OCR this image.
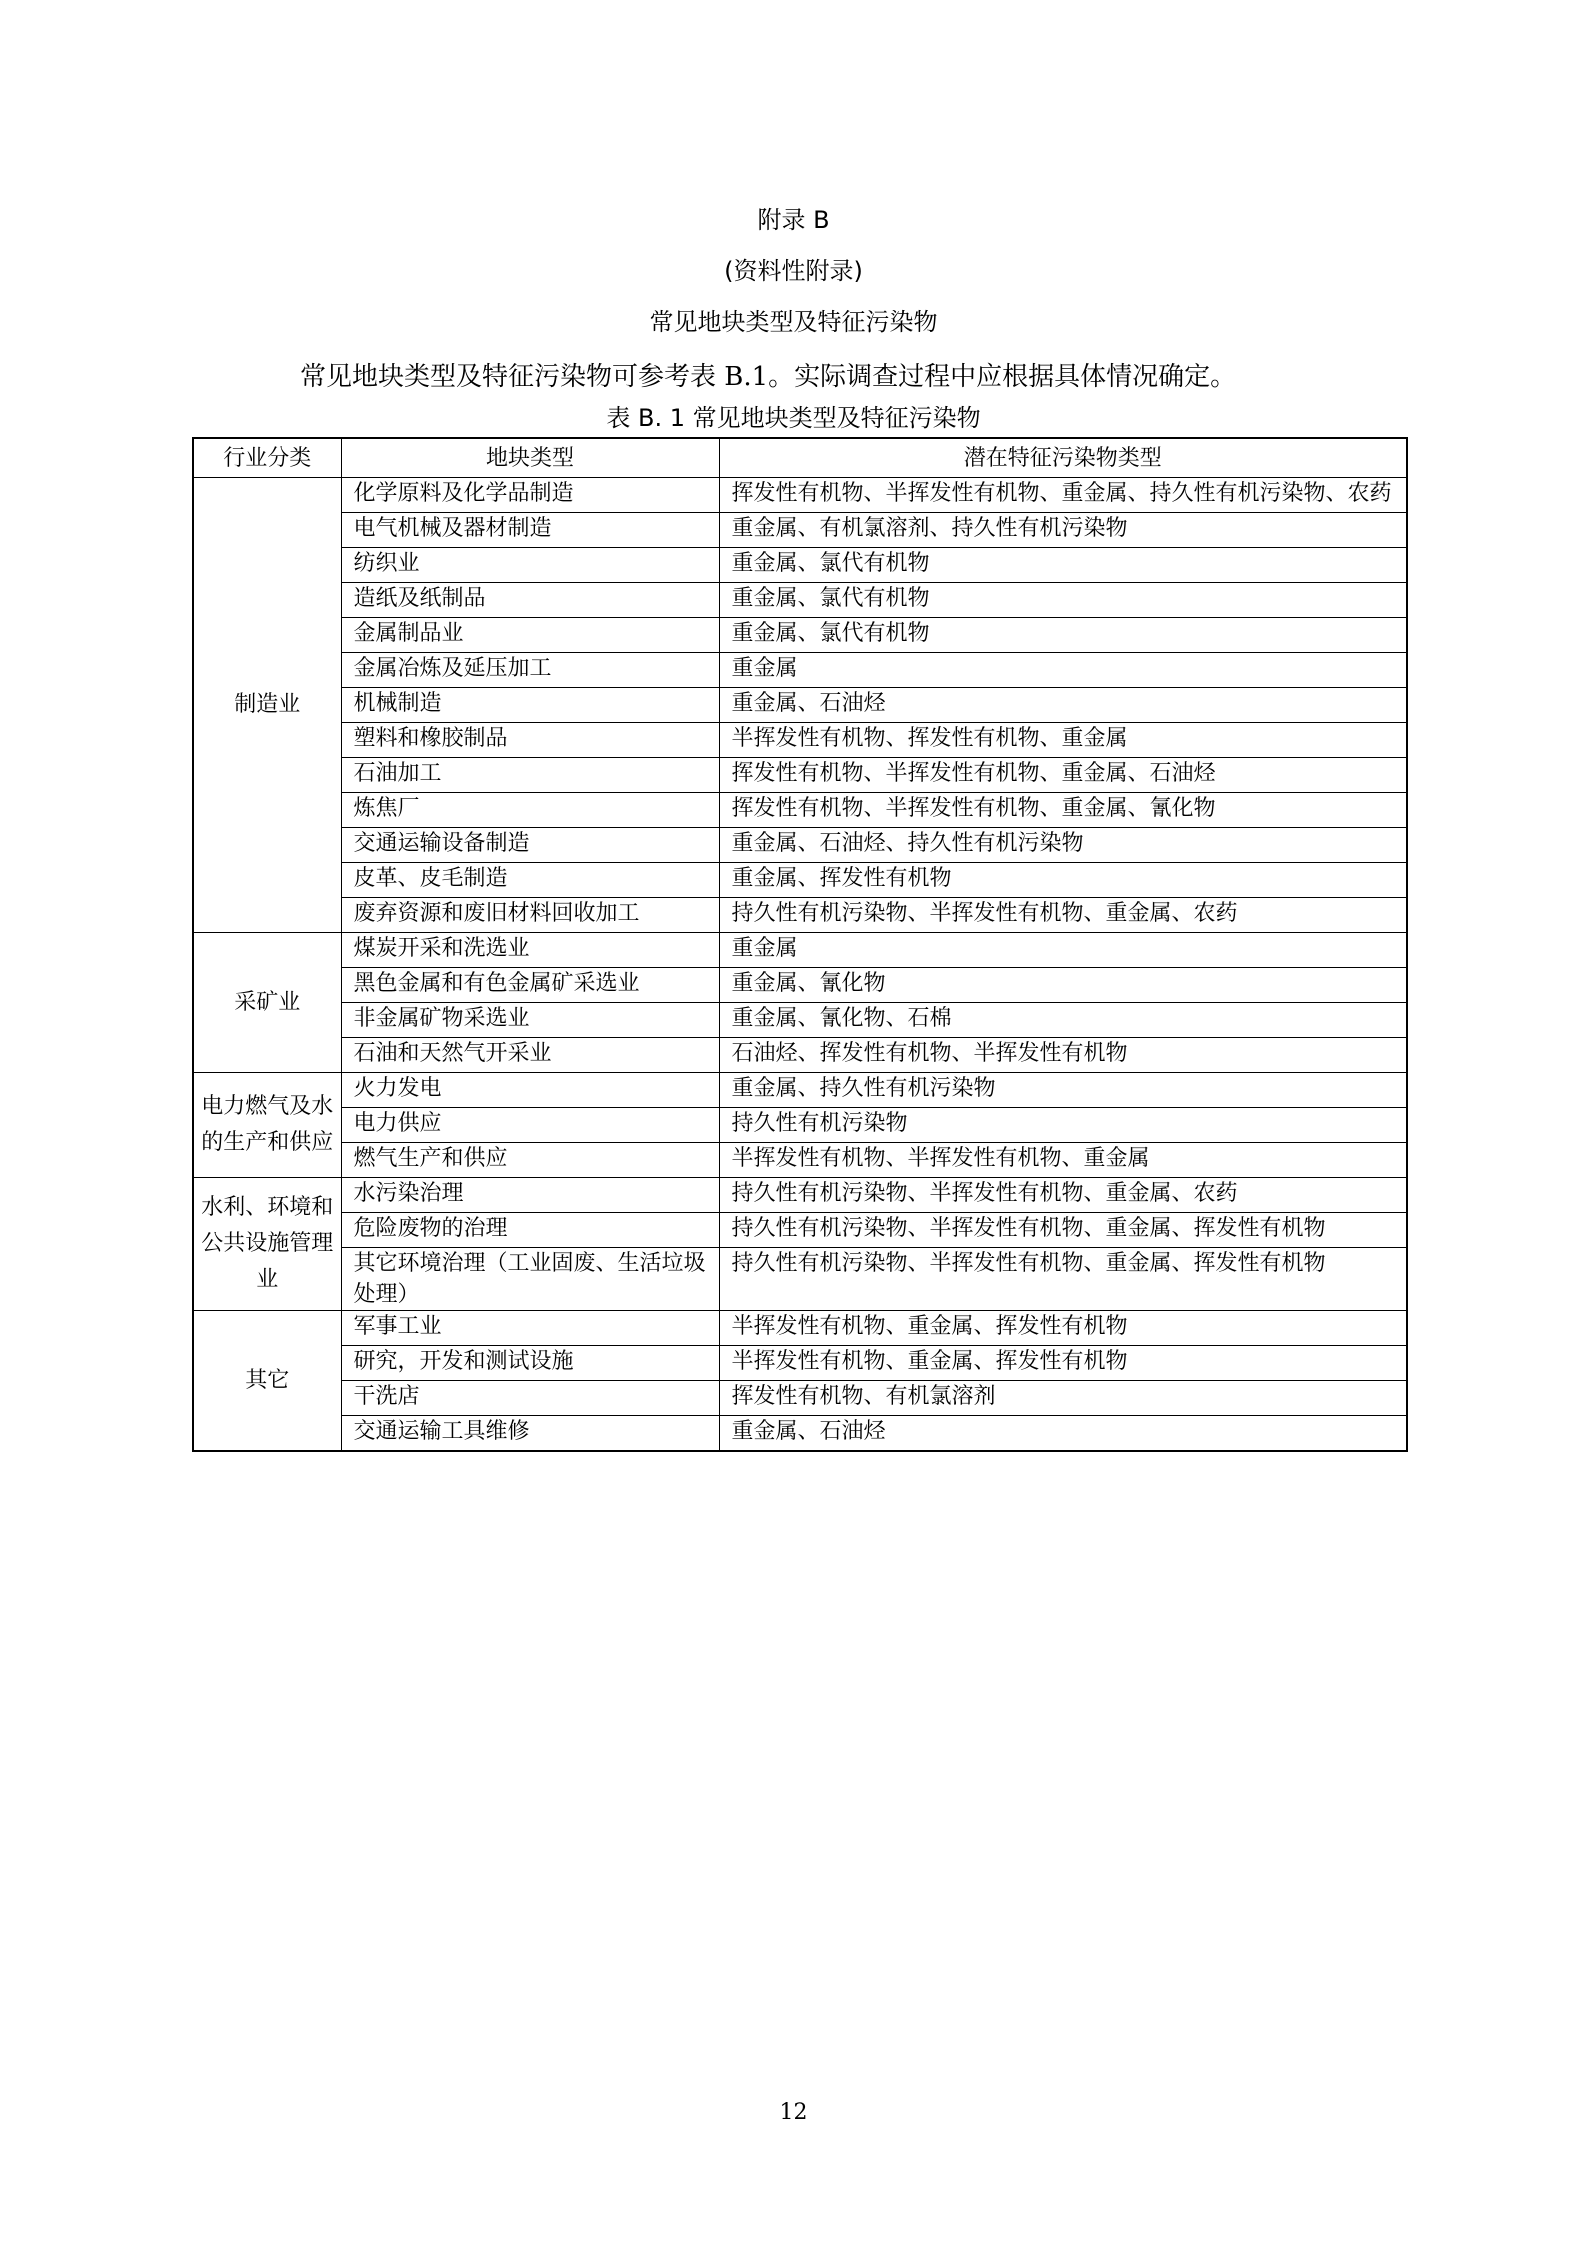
附录 B
(资料性附录)
常见地块类型及特征污染物
常见地块类型及特征污染物可参考表 B.1。实际调查过程中应根据具体情况确定。
表 B. 1 常见地块类型及特征污染物
行业分类	地块类型	潜在特征污染物类型
制造业	化学原料及化学品制造	挥发性有机物、半挥发性有机物、重金属、持久性有机污染物、农药
	电气机械及器材制造	重金属、有机氯溶剂、持久性有机污染物
	纺织业	重金属、氯代有机物
	造纸及纸制品	重金属、氯代有机物
	金属制品业	重金属、氯代有机物
	金属冶炼及延压加工	重金属
	机械制造	重金属、石油烃
	塑料和橡胶制品	半挥发性有机物、挥发性有机物、重金属
	石油加工	挥发性有机物、半挥发性有机物、重金属、石油烃
	炼焦厂	挥发性有机物、半挥发性有机物、重金属、氰化物
	交通运输设备制造	重金属、石油烃、持久性有机污染物
	皮革、皮毛制造	重金属、挥发性有机物
	废弃资源和废旧材料回收加工	持久性有机污染物、半挥发性有机物、重金属、农药
采矿业	煤炭开采和洗选业	重金属
	黑色金属和有色金属矿采选业	重金属、氰化物
	非金属矿物采选业	重金属、氰化物、石棉
	石油和天然气开采业	石油烃、挥发性有机物、半挥发性有机物
电力燃气及水的生产和供应	火力发电	重金属、持久性有机污染物
	电力供应	持久性有机污染物
	燃气生产和供应	半挥发性有机物、半挥发性有机物、重金属
水利、环境和公共设施管理业	水污染治理	持久性有机污染物、半挥发性有机物、重金属、农药
	危险废物的治理	持久性有机污染物、半挥发性有机物、重金属、挥发性有机物
	其它环境治理（工业固废、生活垃圾处理）	持久性有机污染物、半挥发性有机物、重金属、挥发性有机物
其它	军事工业	半挥发性有机物、重金属、挥发性有机物
	研究，开发和测试设施	半挥发性有机物、重金属、挥发性有机物
	干洗店	挥发性有机物、有机氯溶剂
	交通运输工具维修	重金属、石油烃
12
